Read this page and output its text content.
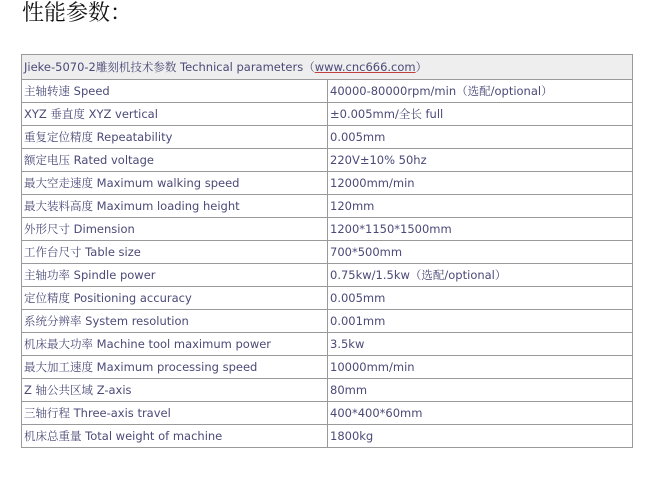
性能参数：
Jieke-5070-2雕刻机技术参数 Technical parameters（www.cnc666.com）	
主轴转速 Speed	40000-80000rpm/min（选配/optional）
XYZ 垂直度 XYZ vertical	±0.005mm/全长 full
重复定位精度 Repeatability	0.005mm
额定电压 Rated voltage	220V±10% 50hz
最大空走速度 Maximum walking speed	12000mm/min
最大装料高度 Maximum loading height	120mm
外形尺寸 Dimension	1200*1150*1500mm
工作台尺寸 Table size	700*500mm
主轴功率 Spindle power	0.75kw/1.5kw（选配/optional）
定位精度 Positioning accuracy	0.005mm
系统分辨率 System resolution	0.001mm
机床最大功率 Machine tool maximum power	3.5kw
最大加工速度 Maximum processing speed	10000mm/min
Z 轴公共区域 Z-axis	80mm
三轴行程 Three-axis travel	400*400*60mm
机床总重量 Total weight of machine	1800kg
